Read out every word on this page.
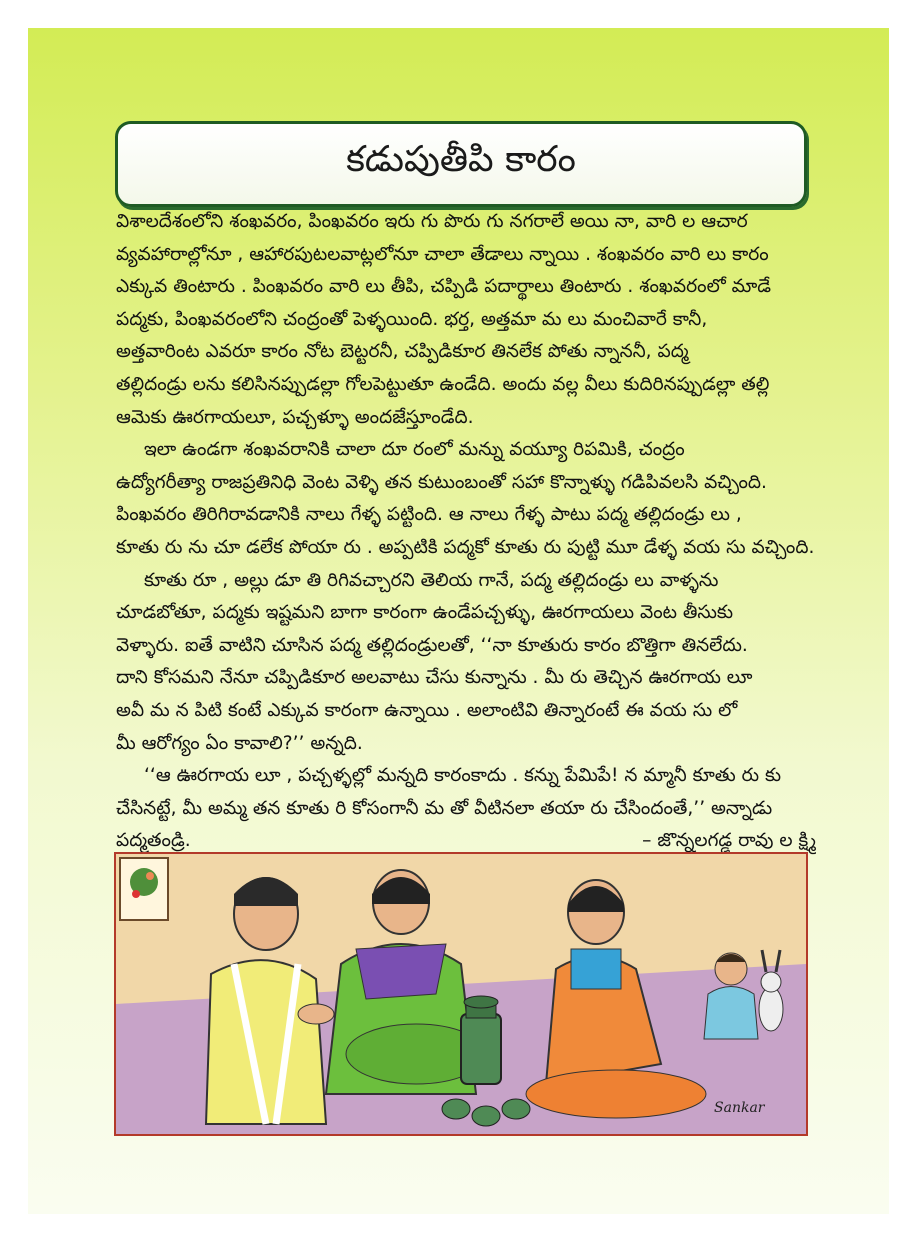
కడుపుతీపి కారం
విశాలదేశంలోని శంఖవరం, పింఖవరం ఇరు గు పొరు గు నగరాలే అయి నా, వారి ల ఆచార
వ్యవహారాల్లోనూ , ఆహారపుటలవాట్లలోనూ చాలా తేడాలు న్నాయి . శంఖవరం వారి లు కారం
ఎక్కువ తింటారు . పింఖవరం వారి లు తీపి, చప్పిడి పదార్థాలు తింటారు . శంఖవరంలో మాడే
పద్మకు, పింఖవరంలోని చంద్రంతో పెళ్ళయింది. భర్త, అత్తమా మ లు మంచివారే కానీ,
అత్తవారింట ఎవరూ కారం నోట బెట్టరనీ, చప్పిడికూర తినలేక పోతు న్నాననీ, పద్మ
తల్లిదండ్రు లను కలిసినప్పుడల్లా గోలపెట్టుతూ ఉండేది. అందు వల్ల వీలు కుదిరినప్పుడల్లా తల్లి
ఆమెకు ఊరగాయలూ, పచ్చళ్ళూ అందజేస్తూండేది.
ఇలా ఉండగా శంఖవరానికి చాలా దూ రంలో మన్ను వయ్యూ రిపమికి, చంద్రం
ఉద్యోగరీత్యా రాజప్రతినిధి వెంట వెళ్ళి తన కుటుంబంతో సహా కొన్నాళ్ళు గడిపివలసి వచ్చింది.
పింఖవరం తిరిగిరావడానికి నాలు గేళ్ళ పట్టింది. ఆ నాలు గేళ్ళ పాటు పద్మ తల్లిదండ్రు లు ,
కూతు రు ను చూ డలేక పోయా రు . అప్పటికి పద్మకో కూతు రు పుట్టి మూ డేళ్ళ వయ సు వచ్చింది.
కూతు రూ , అల్లు డూ తి రిగివచ్చారని తెలియ గానే, పద్మ తల్లిదండ్రు లు వాళ్ళను
చూడబోతూ, పద్మకు ఇష్టమని బాగా కారంగా ఉండేపచ్చళ్ళు, ఊరగాయలు వెంట తీసుకు
వెళ్ళారు. ఐతే వాటిని చూసిన పద్మ తల్లిదండ్రులతో, ‘‘నా కూతురు కారం బొత్తిగా తినలేదు.
దాని కోసమని నేనూ చప్పిడికూర అలవాటు చేసు కున్నాను . మీ రు తెచ్చిన ఊరగాయ లూ
అవీ మ న పిటి కంటే ఎక్కువ కారంగా ఉన్నాయి . అలాంటివి తిన్నారంటే ఈ వయ సు లో
మీ ఆరోగ్యం ఏం కావాలి?’’ అన్నది.
‘‘ఆ ఊరగాయ లూ , పచ్చళ్ళల్లో మన్నది కారంకాదు . కన్ను పేమిపే! న మ్మానీ కూతు రు కు
చేసినట్టే, మీ అమ్మ తన కూతు రి కోసంగానీ మ తో వీటినలా తయా రు చేసిందంతే,’’ అన్నాడు
పద్మతండ్రి.	– జొన్నలగడ్డ రావు ల క్ష్మి
Sankar
